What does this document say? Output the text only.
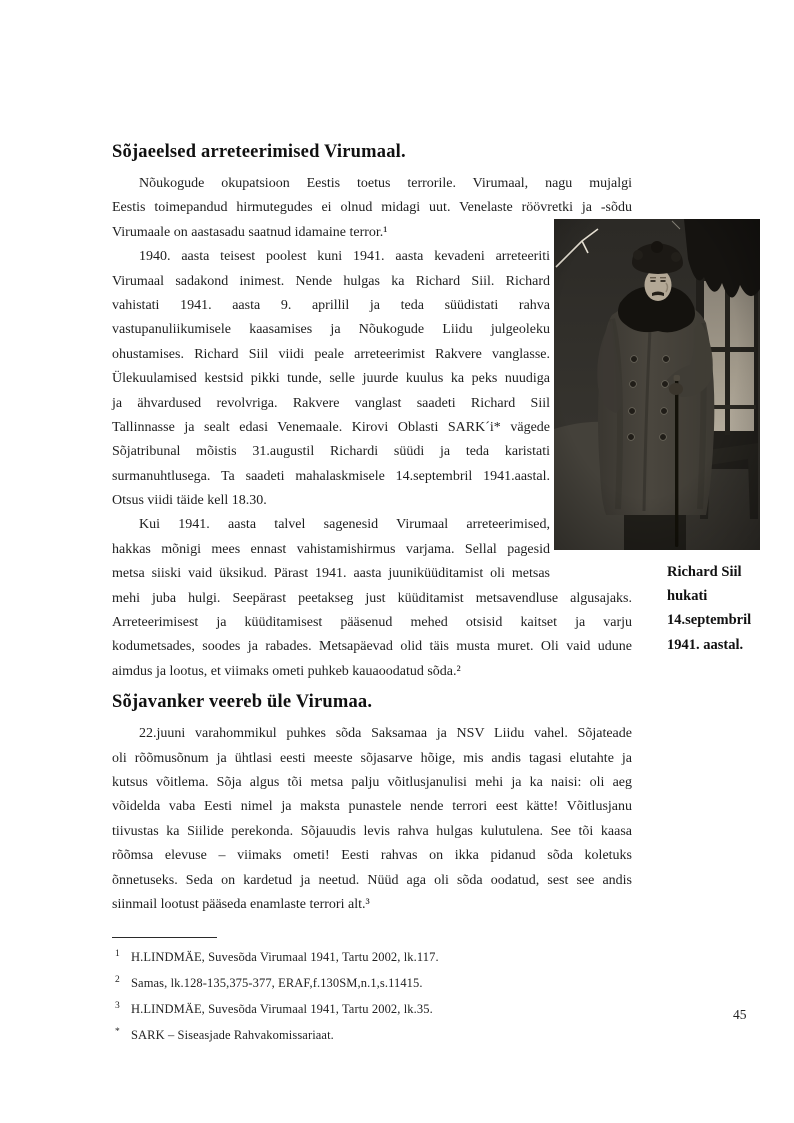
Sõjaeelsed arreteerimised Virumaal.
Nõukogude okupatsioon Eestis toetus terrorile. Virumaal, nagu mujalgi
Eestis toimepandud hirmutegudes ei olnud midagi uut. Venelaste röövretki ja -sõdu
Virumaale on aastasadu saatnud idamaine terror.¹
1940. aasta teisest poolest kuni 1941. aasta kevadeni arreteeriti
Virumaal sadakond inimest. Nende hulgas ka Richard Siil. Richard
vahistati 1941. aasta 9. aprillil ja teda süüdistati rahva
vastupanuliikumisele kaasamises ja Nõukogude Liidu julgeoleku
ohustamises. Richard Siil viidi peale arreteerimist Rakvere vanglasse.
Ülekuulamised kestsid pikki tunde, selle juurde kuulus ka peks nuudiga
ja ähvardused revolvriga. Rakvere vanglast saadeti Richard Siil
Tallinnasse ja sealt edasi Venemaale. Kirovi Oblasti SARK´i* vägede
Sõjatribunal mõistis 31.augustil Richardi süüdi ja teda karistati
surmanuhtlusega. Ta saadeti mahalaskmisele 14.septembril 1941.aastal.
Otsus viidi täide kell 18.30.
Kui 1941. aasta talvel sagenesid Virumaal arreteerimised,
hakkas mõnigi mees ennast vahistamishirmus varjama. Sellal pagesid
metsa siiski vaid üksikud. Pärast 1941. aasta juuniküüditamist oli metsas
mehi juba hulgi. Seepärast peetakseg just küüditamist metsavendluse algusajaks.
Arreteerimisest ja küüditamisest pääsenud mehed otsisid kaitset ja varju
kodumetsades, soodes ja rabades. Metsapäevad olid täis musta muret. Oli vaid udune
aimdus ja lootus, et viimaks ometi puhkeb kauaoodatud sõda.²
Sõjavanker veereb üle Virumaa.
22.juuni varahommikul puhkes sõda Saksamaa ja NSV Liidu vahel. Sõjateade
oli rõõmusõnum ja ühtlasi eesti meeste sõjasarve hõige, mis andis tagasi elutahte ja
kutsus võitlema. Sõja algus tõi metsa palju võitlusjanulisi mehi ja ka naisi: oli aeg
võidelda vaba Eesti nimel ja maksta punastele nende terrori eest kätte! Võitlusjanu
tiivustas ka Siilide perekonda. Sõjauudis levis rahva hulgas kulutulena. See tõi kaasa
rõõmsa elevuse – viimaks ometi! Eesti rahvas on ikka pidanud sõda koletuks
õnnetuseks. Seda on kardetud ja neetud. Nüüd aga oli sõda oodatud, sest see andis
siinmail lootust pääseda enamlaste terrori alt.³
1 H.LINDMÄE, Suvesõda Virumaal 1941, Tartu 2002, lk.117.
2 Samas, lk.128-135,375-377, ERAF,f.130SM,n.1,s.11415.
3 H.LINDMÄE, Suvesõda Virumaal 1941, Tartu 2002, lk.35.
* SARK – Siseasjade Rahvakomissariaat.
Richard Siil
hukati
14.septembril
1941. aastal.
45
